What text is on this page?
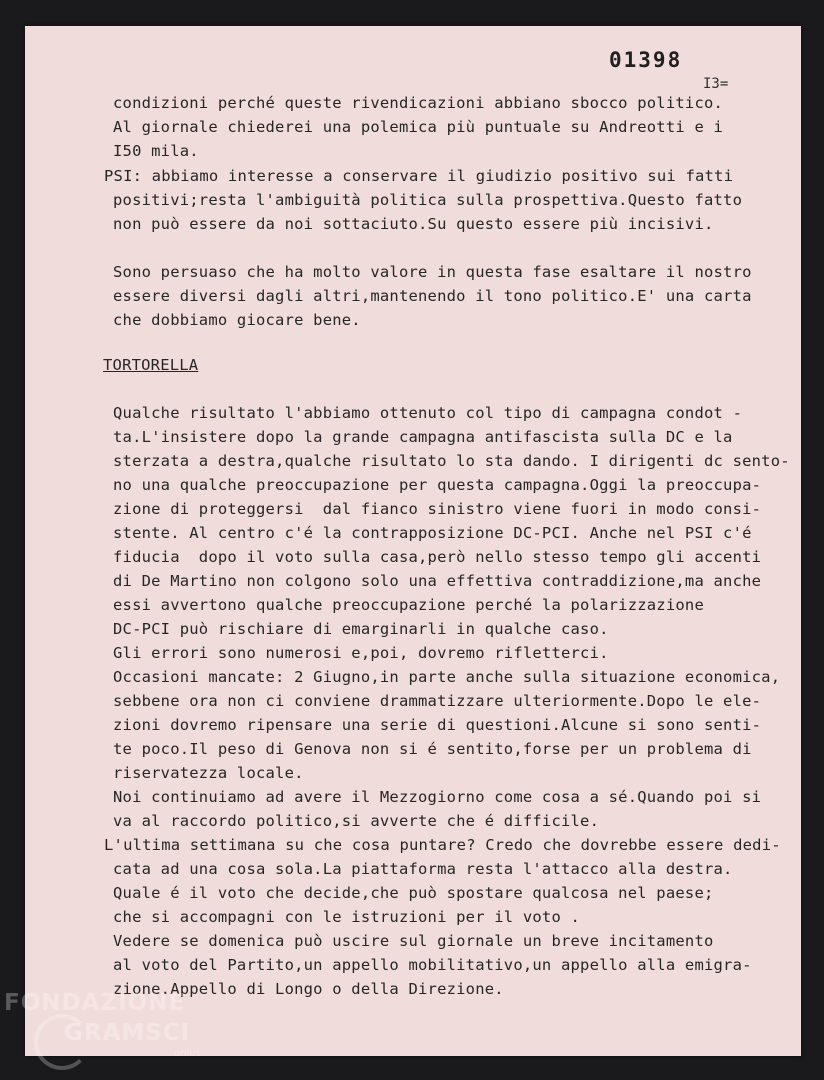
01398
I3=
condizioni perché queste rivendicazioni abbiano sbocco politico.
Al giornale chiederei una polemica più puntuale su Andreotti e i
I50 mila.
PSI: abbiamo interesse a conservare il giudizio positivo sui fatti
positivi;resta l'ambiguità politica sulla prospettiva.Questo fatto
non può essere da noi sottaciuto.Su questo essere più incisivi.
Sono persuaso che ha molto valore in questa fase esaltare il nostro
essere diversi dagli altri,mantenendo il tono politico.E' una carta
che dobbiamo giocare bene.
TORTORELLA
Qualche risultato l'abbiamo ottenuto col tipo di campagna condot -
ta.L'insistere dopo la grande campagna antifascista sulla DC e la
sterzata a destra,qualche risultato lo sta dando. I dirigenti dc sento-
no una qualche preoccupazione per questa campagna.Oggi la preoccupa-
zione di proteggersi  dal fianco sinistro viene fuori in modo consi-
stente. Al centro c'é la contrapposizione DC-PCI. Anche nel PSI c'é
fiducia  dopo il voto sulla casa,però nello stesso tempo gli accenti
di De Martino non colgono solo una effettiva contraddizione,ma anche
essi avvertono qualche preoccupazione perché la polarizzazione
DC-PCI può rischiare di emarginarli in qualche caso.
Gli errori sono numerosi e,poi, dovremo rifletterci.
Occasioni mancate: 2 Giugno,in parte anche sulla situazione economica,
sebbene ora non ci conviene drammatizzare ulteriormente.Dopo le ele-
zioni dovremo ripensare una serie di questioni.Alcune si sono senti-
te poco.Il peso di Genova non si é sentito,forse per un problema di
riservatezza locale.
Noi continuiamo ad avere il Mezzogiorno come cosa a sé.Quando poi si
va al raccordo politico,si avverte che é difficile.
L'ultima settimana su che cosa puntare? Credo che dovrebbe essere dedi-
cata ad una cosa sola.La piattaforma resta l'attacco alla destra.
Quale é il voto che decide,che può spostare qualcosa nel paese;
che si accompagni con le istruzioni per il voto .
Vedere se domenica può uscire sul giornale un breve incitamento
al voto del Partito,un appello mobilitativo,un appello alla emigra-
zione.Appello di Longo o della Direzione.
FONDAZIONE
GRAMSCI
onlus
